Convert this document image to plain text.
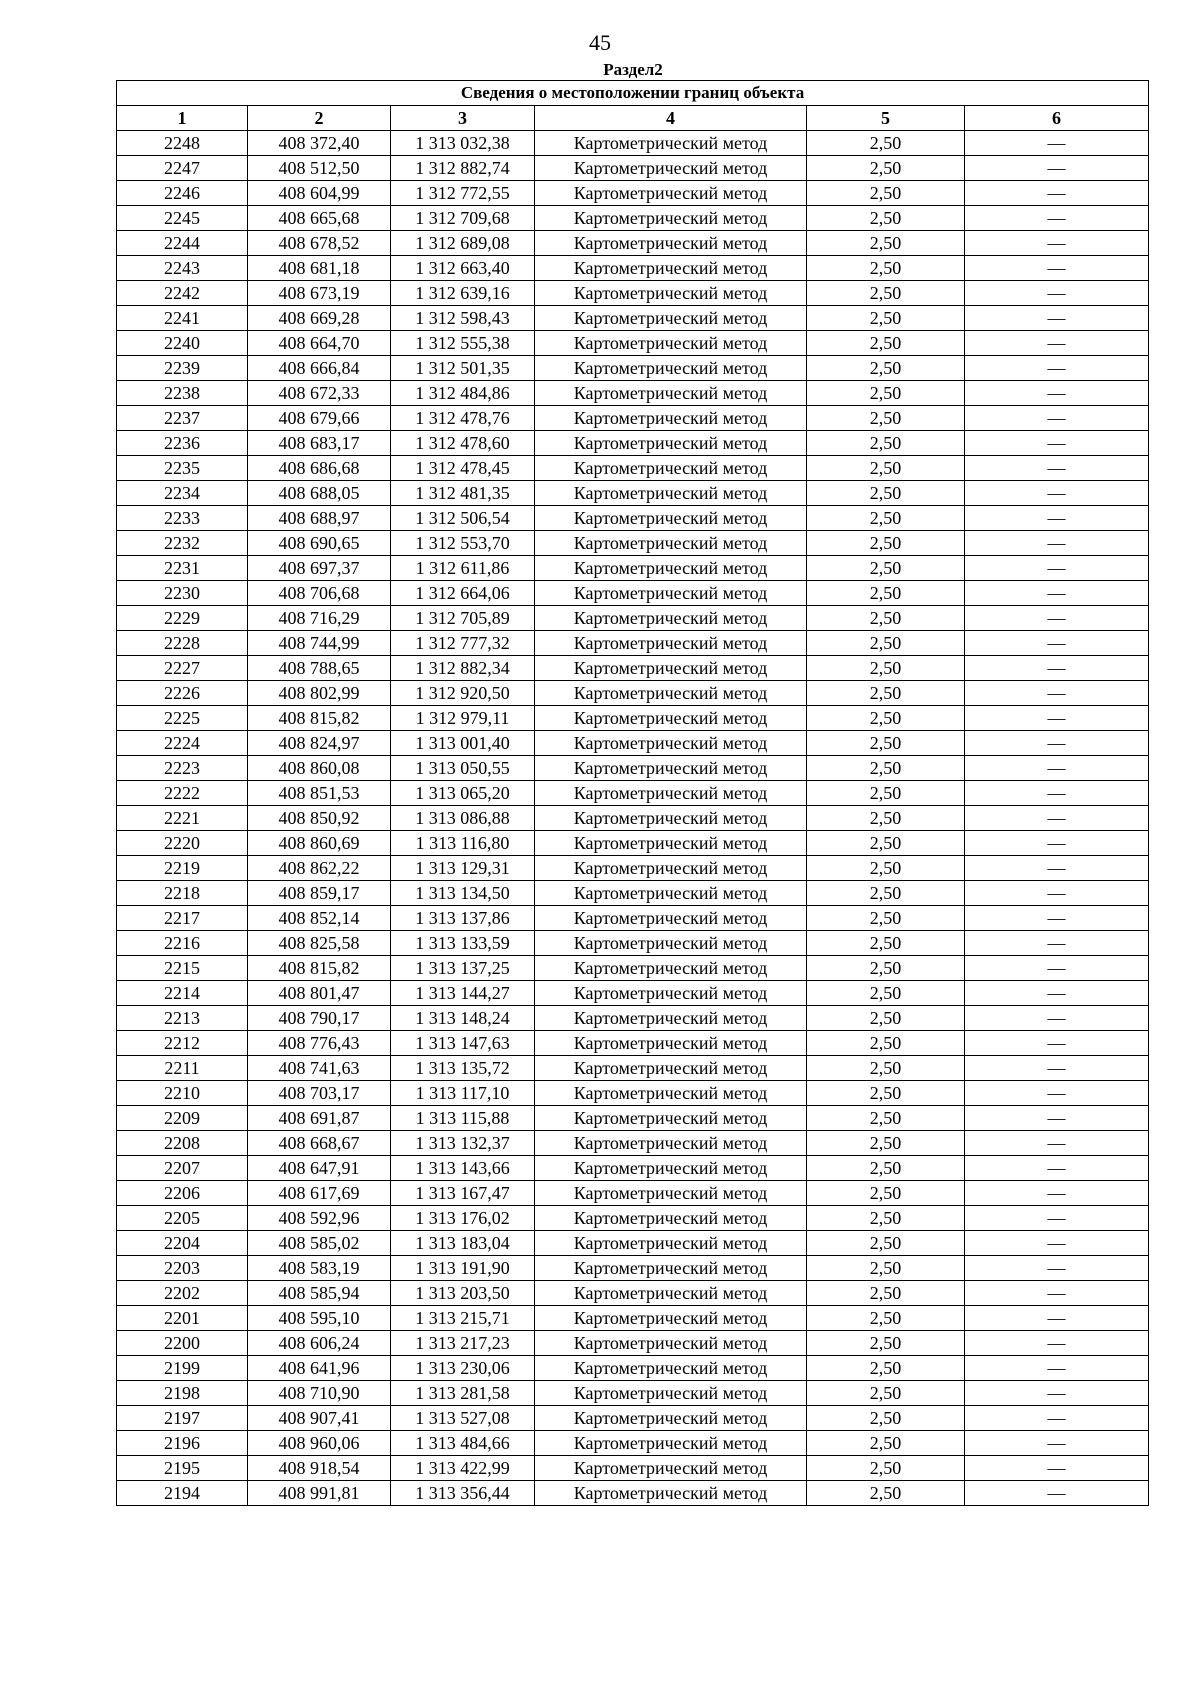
45
Раздел2
Сведения о местоположении границ объекта					
1	2	3	4	5	6
2248	408 372,40	1 313 032,38	Картометрический метод	2,50	—
2247	408 512,50	1 312 882,74	Картометрический метод	2,50	—
2246	408 604,99	1 312 772,55	Картометрический метод	2,50	—
2245	408 665,68	1 312 709,68	Картометрический метод	2,50	—
2244	408 678,52	1 312 689,08	Картометрический метод	2,50	—
2243	408 681,18	1 312 663,40	Картометрический метод	2,50	—
2242	408 673,19	1 312 639,16	Картометрический метод	2,50	—
2241	408 669,28	1 312 598,43	Картометрический метод	2,50	—
2240	408 664,70	1 312 555,38	Картометрический метод	2,50	—
2239	408 666,84	1 312 501,35	Картометрический метод	2,50	—
2238	408 672,33	1 312 484,86	Картометрический метод	2,50	—
2237	408 679,66	1 312 478,76	Картометрический метод	2,50	—
2236	408 683,17	1 312 478,60	Картометрический метод	2,50	—
2235	408 686,68	1 312 478,45	Картометрический метод	2,50	—
2234	408 688,05	1 312 481,35	Картометрический метод	2,50	—
2233	408 688,97	1 312 506,54	Картометрический метод	2,50	—
2232	408 690,65	1 312 553,70	Картометрический метод	2,50	—
2231	408 697,37	1 312 611,86	Картометрический метод	2,50	—
2230	408 706,68	1 312 664,06	Картометрический метод	2,50	—
2229	408 716,29	1 312 705,89	Картометрический метод	2,50	—
2228	408 744,99	1 312 777,32	Картометрический метод	2,50	—
2227	408 788,65	1 312 882,34	Картометрический метод	2,50	—
2226	408 802,99	1 312 920,50	Картометрический метод	2,50	—
2225	408 815,82	1 312 979,11	Картометрический метод	2,50	—
2224	408 824,97	1 313 001,40	Картометрический метод	2,50	—
2223	408 860,08	1 313 050,55	Картометрический метод	2,50	—
2222	408 851,53	1 313 065,20	Картометрический метод	2,50	—
2221	408 850,92	1 313 086,88	Картометрический метод	2,50	—
2220	408 860,69	1 313 116,80	Картометрический метод	2,50	—
2219	408 862,22	1 313 129,31	Картометрический метод	2,50	—
2218	408 859,17	1 313 134,50	Картометрический метод	2,50	—
2217	408 852,14	1 313 137,86	Картометрический метод	2,50	—
2216	408 825,58	1 313 133,59	Картометрический метод	2,50	—
2215	408 815,82	1 313 137,25	Картометрический метод	2,50	—
2214	408 801,47	1 313 144,27	Картометрический метод	2,50	—
2213	408 790,17	1 313 148,24	Картометрический метод	2,50	—
2212	408 776,43	1 313 147,63	Картометрический метод	2,50	—
2211	408 741,63	1 313 135,72	Картометрический метод	2,50	—
2210	408 703,17	1 313 117,10	Картометрический метод	2,50	—
2209	408 691,87	1 313 115,88	Картометрический метод	2,50	—
2208	408 668,67	1 313 132,37	Картометрический метод	2,50	—
2207	408 647,91	1 313 143,66	Картометрический метод	2,50	—
2206	408 617,69	1 313 167,47	Картометрический метод	2,50	—
2205	408 592,96	1 313 176,02	Картометрический метод	2,50	—
2204	408 585,02	1 313 183,04	Картометрический метод	2,50	—
2203	408 583,19	1 313 191,90	Картометрический метод	2,50	—
2202	408 585,94	1 313 203,50	Картометрический метод	2,50	—
2201	408 595,10	1 313 215,71	Картометрический метод	2,50	—
2200	408 606,24	1 313 217,23	Картометрический метод	2,50	—
2199	408 641,96	1 313 230,06	Картометрический метод	2,50	—
2198	408 710,90	1 313 281,58	Картометрический метод	2,50	—
2197	408 907,41	1 313 527,08	Картометрический метод	2,50	—
2196	408 960,06	1 313 484,66	Картометрический метод	2,50	—
2195	408 918,54	1 313 422,99	Картометрический метод	2,50	—
2194	408 991,81	1 313 356,44	Картометрический метод	2,50	—
